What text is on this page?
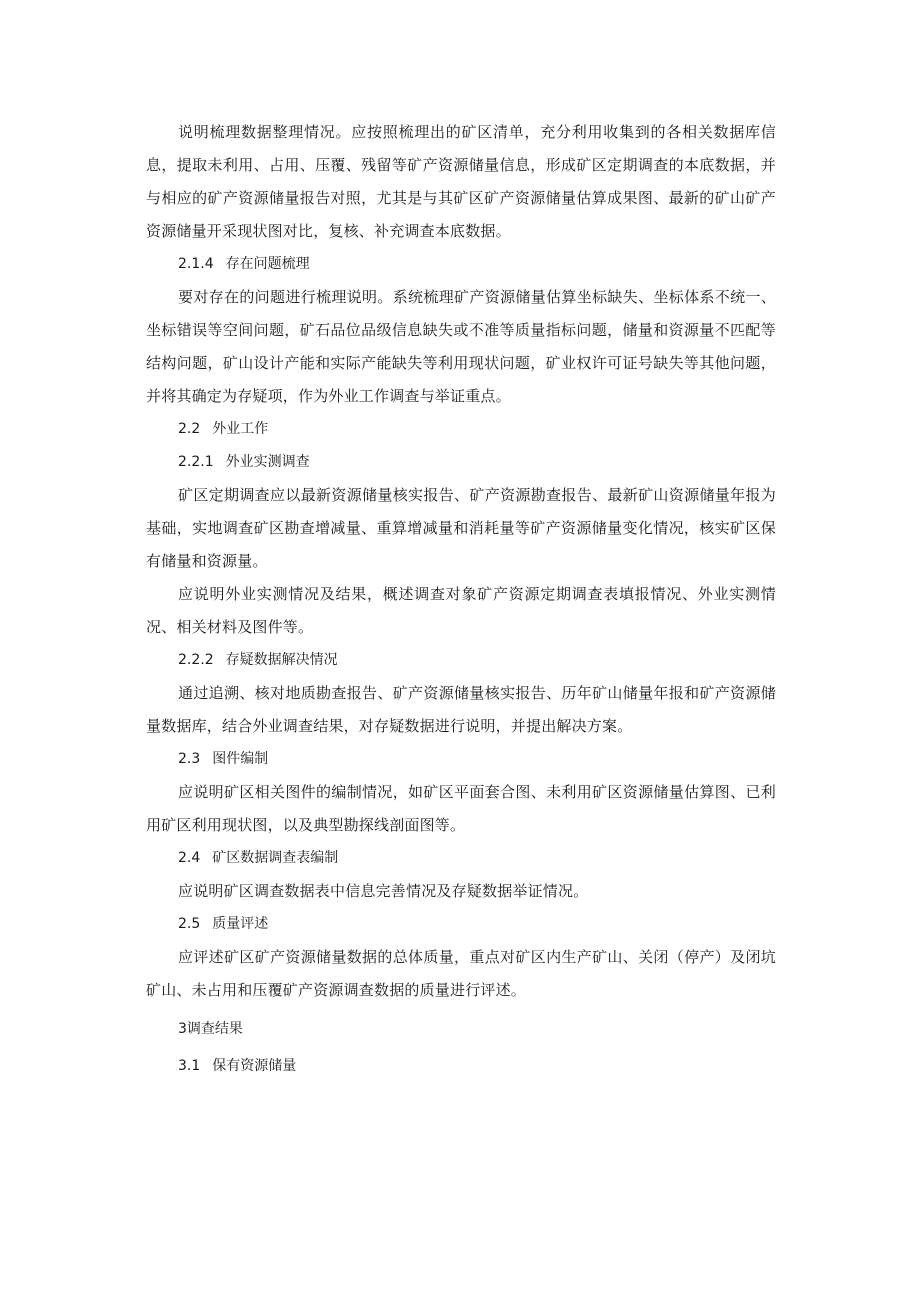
说明梳理数据整理情况。应按照梳理出的矿区清单，充分利用收集到的各相关数据库信息，提取未利用、占用、压覆、残留等矿产资源储量信息，形成矿区定期调查的本底数据，并与相应的矿产资源储量报告对照，尤其是与其矿区矿产资源储量估算成果图、最新的矿山矿产资源储量开采现状图对比，复核、补充调查本底数据。

2.1.4 存在问题梳理

要对存在的问题进行梳理说明。系统梳理矿产资源储量估算坐标缺失、坐标体系不统一、坐标错误等空间问题，矿石品位品级信息缺失或不准等质量指标问题，储量和资源量不匹配等结构问题，矿山设计产能和实际产能缺失等利用现状问题，矿业权许可证号缺失等其他问题，并将其确定为存疑项，作为外业工作调查与举证重点。

2.2 外业工作
2.2.1 外业实测调查

矿区定期调查应以最新资源储量核实报告、矿产资源勘查报告、最新矿山资源储量年报为基础，实地调查矿区勘查增减量、重算增减量和消耗量等矿产资源储量变化情况，核实矿区保有储量和资源量。

应说明外业实测情况及结果，概述调查对象矿产资源定期调查表填报情况、外业实测情况、相关材料及图件等。

2.2.2 存疑数据解决情况

通过追溯、核对地质勘查报告、矿产资源储量核实报告、历年矿山储量年报和矿产资源储量数据库，结合外业调查结果，对存疑数据进行说明，并提出解决方案。

2.3 图件编制

应说明矿区相关图件的编制情况，如矿区平面套合图、未利用矿区资源储量估算图、已利用矿区利用现状图，以及典型勘探线剖面图等。

2.4 矿区数据调查表编制

应说明矿区调查数据表中信息完善情况及存疑数据举证情况。

2.5 质量评述

应评述矿区矿产资源储量数据的总体质量，重点对矿区内生产矿山、关闭（停产）及闭坑矿山、未占用和压覆矿产资源调查数据的质量进行评述。

3调查结果
3.1 保有资源储量
